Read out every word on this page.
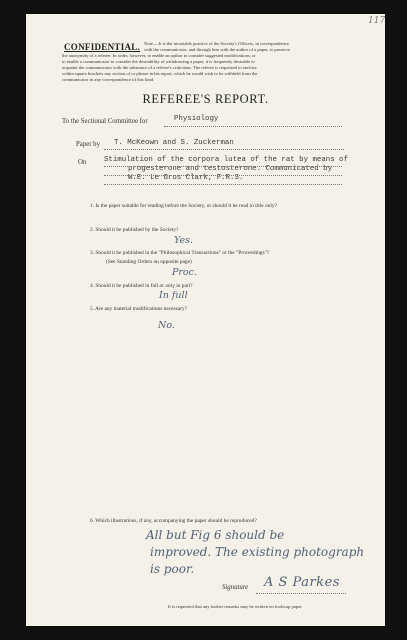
117
CONFIDENTIAL. Note.—It is the invariable practice of the Society's Officers, in correspondence
with the communicator, and through him with the author of a paper, to preserve
the anonymity of a referee. In order, however, to enable an author to consider suggested modifications, or
to enable a communicator to consider the desirability of withdrawing a paper, it is frequently desirable to
acquaint the communicator with the substance of a referee's criticisms. The referee is requested to enclose
within square brackets any section of or phrase in his report, which he would wish to be withheld from the
communicator in any correspondence of this kind.
REFEREE'S REPORT.
To the Sectional Committee for	Physiology
Paper by T. McKeown and S. Zuckerman
On Stimulation of the corpora lutea of the rat by means of
progesterone and testosterone. Communicated by
W.E. Le Gros Clark, F.R.S.
1. Is the paper suitable for reading before the Society, or should it be read in title only?
2. Should it be published by the Society?
Yes.
3. Should it be published in the "Philosophical Transactions" or the "Proceedings"?
(See Standing Orders on opposite page)
Proc.
4. Should it be published in full or only in part?
In full
5. Are any material modifications necessary?
No.
6. Which illustrations, if any, accompanying the paper should be reproduced?
All but Fig 6 should be
improved. The existing photograph
is poor.
Signature A S Parkes
It is requested that any further remarks may be written on foolscap paper.
